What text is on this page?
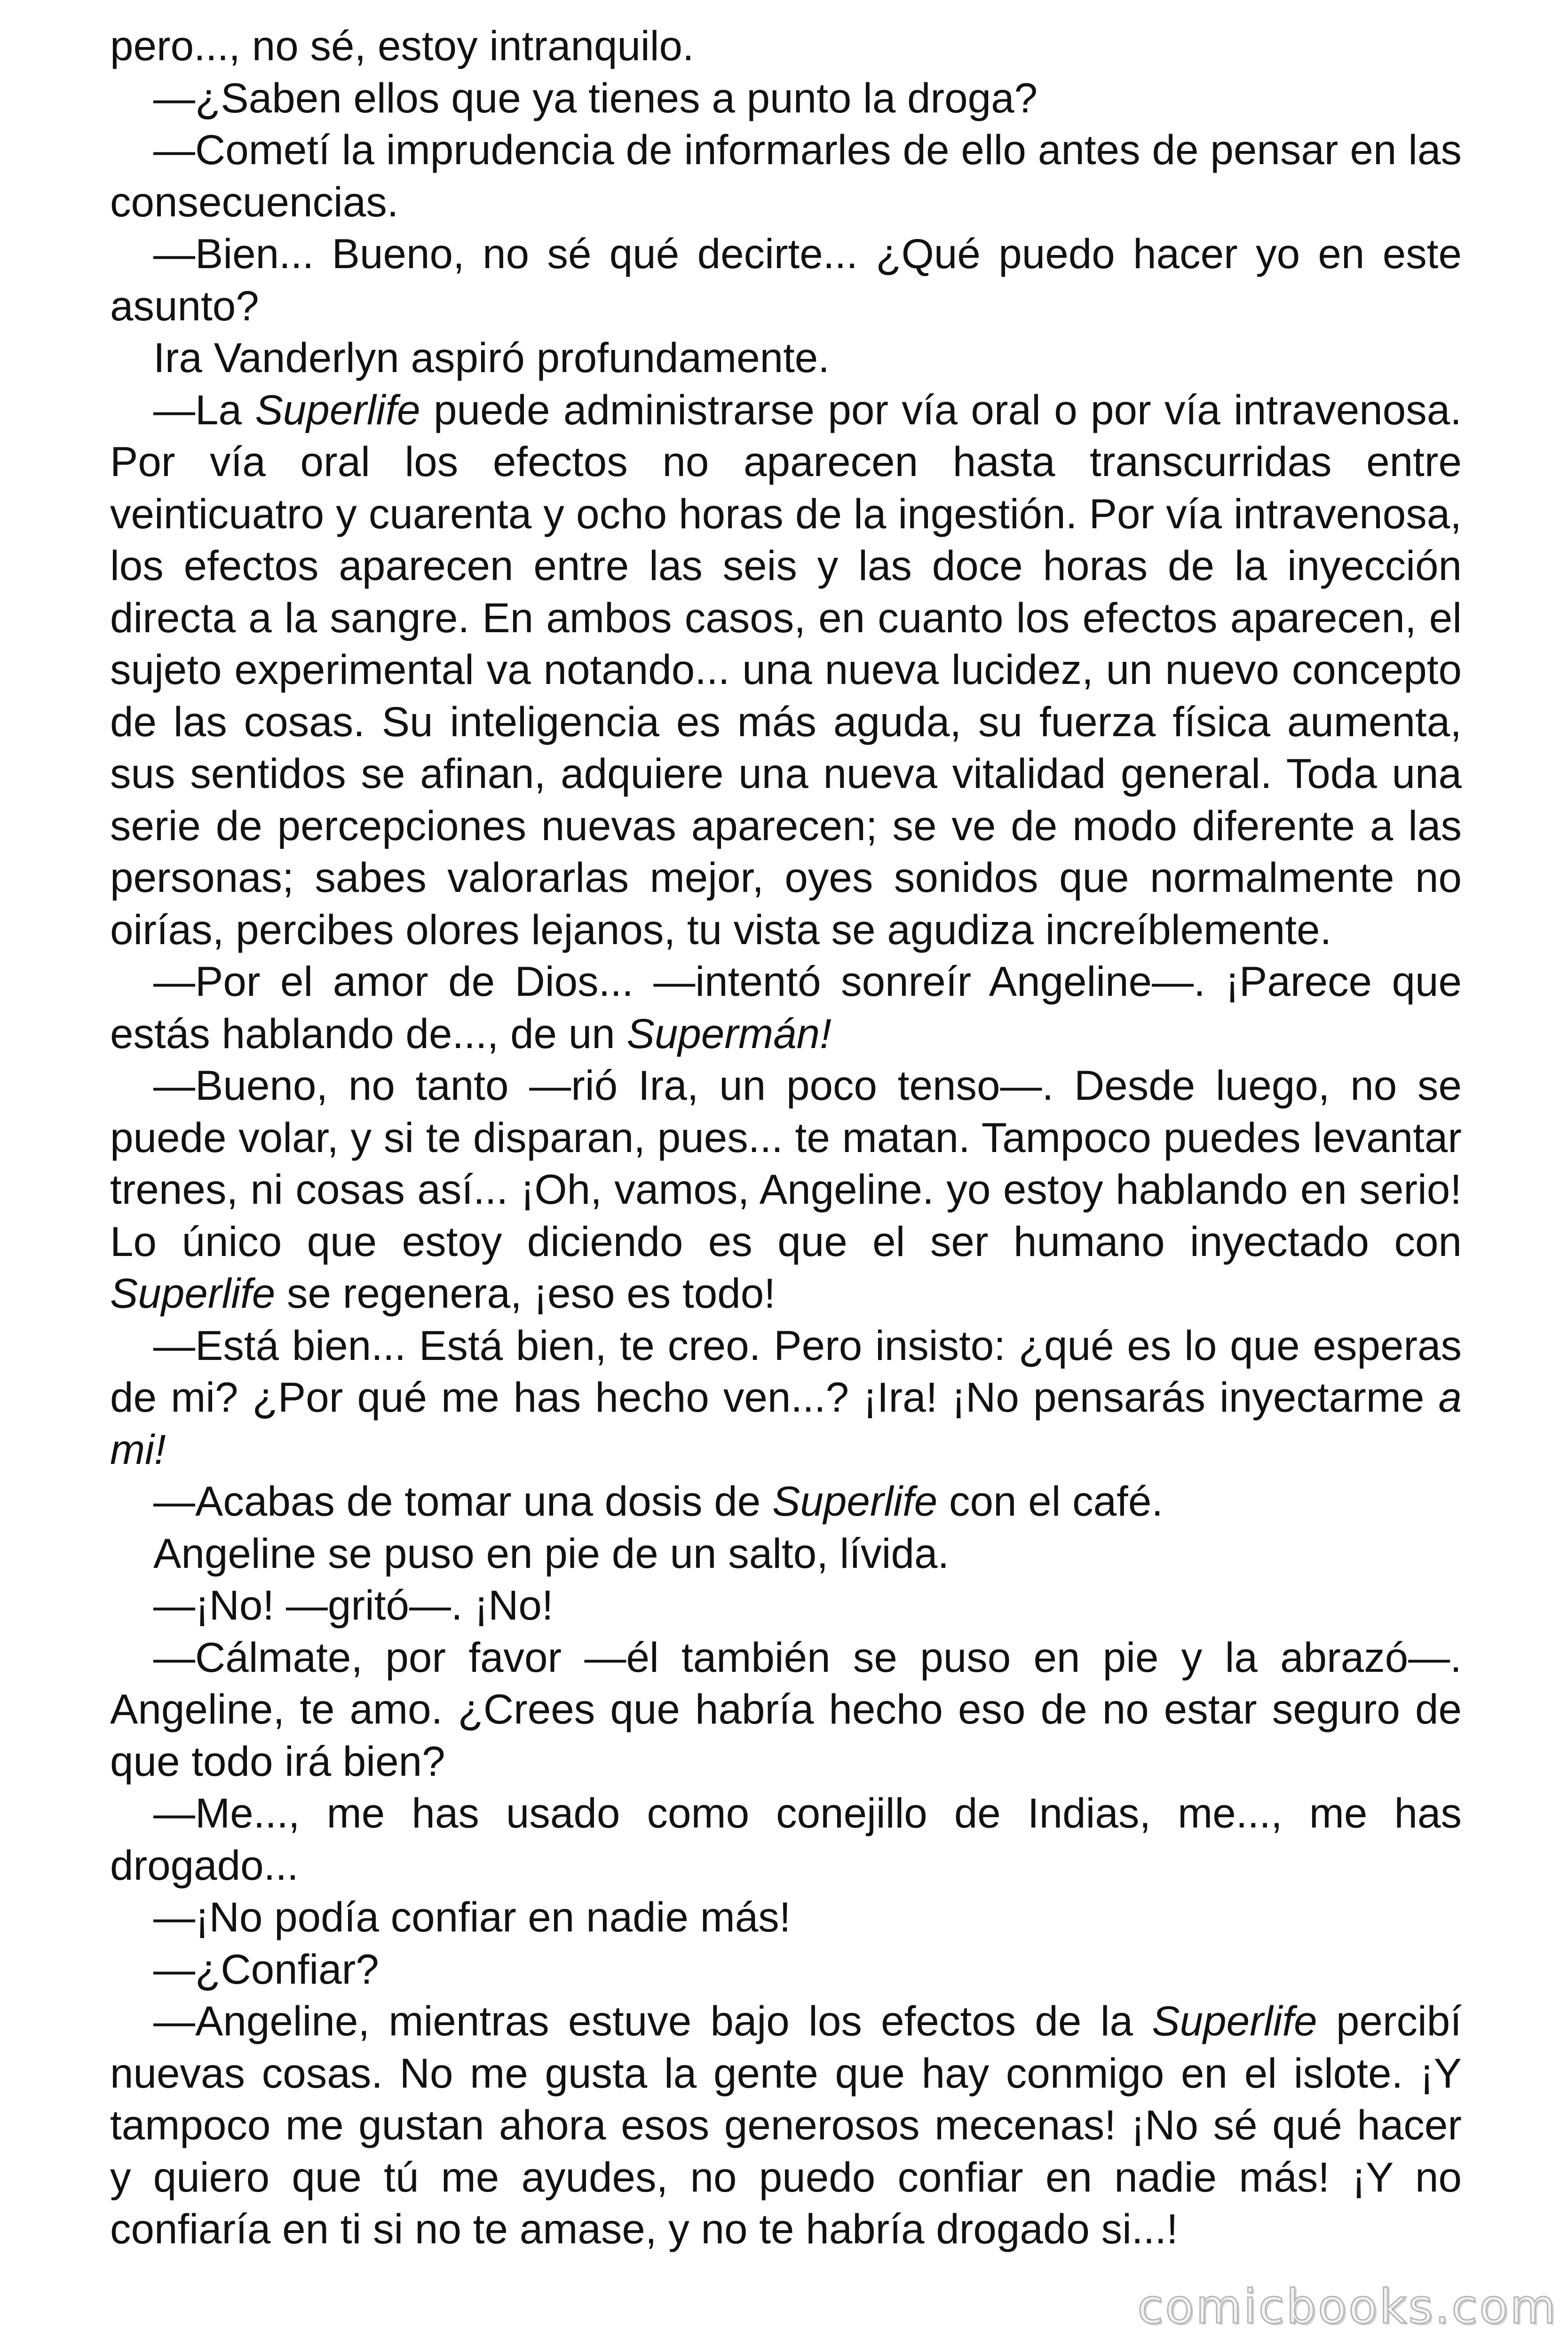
pero..., no sé, estoy intranquilo.

—¿Saben ellos que ya tienes a punto la droga?

—Cometí la imprudencia de informarles de ello antes de pensar en las consecuencias.

—Bien... Bueno, no sé qué decirte... ¿Qué puedo hacer yo en este asunto?

Ira Vanderlyn aspiró profundamente.

—La Superlife puede administrarse por vía oral o por vía intravenosa. Por vía oral los efectos no aparecen hasta transcurridas entre veinticuatro y cuarenta y ocho horas de la ingestión. Por vía intravenosa, los efectos aparecen entre las seis y las doce horas de la inyección directa a la sangre. En ambos casos, en cuanto los efectos aparecen, el sujeto experimental va notando... una nueva lucidez, un nuevo concepto de las cosas. Su inteligencia es más aguda, su fuerza física aumenta, sus sentidos se afinan, adquiere una nueva vitalidad general. Toda una serie de percepciones nuevas aparecen; se ve de modo diferente a las personas; sabes valorarlas mejor, oyes sonidos que normalmente no oirías, percibes olores lejanos, tu vista se agudiza increíblemente.

—Por el amor de Dios... —intentó sonreír Angeline—. ¡Parece que estás hablando de..., de un Supermán!

—Bueno, no tanto —rió Ira, un poco tenso—. Desde luego, no se puede volar, y si te disparan, pues... te matan. Tampoco puedes levantar trenes, ni cosas así... ¡Oh, vamos, Angeline. yo estoy hablando en serio! Lo único que estoy diciendo es que el ser humano inyectado con Superlife se regenera, ¡eso es todo!

—Está bien... Está bien, te creo. Pero insisto: ¿qué es lo que esperas de mi? ¿Por qué me has hecho ven...? ¡Ira! ¡No pensarás inyectarme a mi!

—Acabas de tomar una dosis de Superlife con el café.

Angeline se puso en pie de un salto, lívida.

—¡No! —gritó—. ¡No!

—Cálmate, por favor —él también se puso en pie y la abrazó—. Angeline, te amo. ¿Crees que habría hecho eso de no estar seguro de que todo irá bien?

—Me..., me has usado como conejillo de Indias, me..., me has drogado...

—¡No podía confiar en nadie más!

—¿Confiar?

—Angeline, mientras estuve bajo los efectos de la Superlife percibí nuevas cosas. No me gusta la gente que hay conmigo en el islote. ¡Y tampoco me gustan ahora esos generosos mecenas! ¡No sé qué hacer y quiero que tú me ayudes, no puedo confiar en nadie más! ¡Y no confiaría en ti si no te amase, y no te habría drogado si...!

comicbooks.com
